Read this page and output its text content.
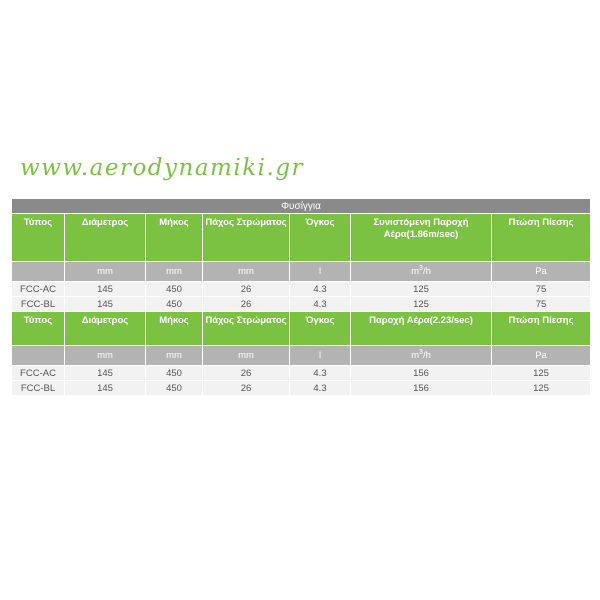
www.aerodynamiki.gr
Φυσίγγια						
Τύπος	Διάμετρος	Μήκος	Πάχος Στρώματος	Όγκος	Συνιστόμενη Παροχή Αέρα(1.86m/sec)	Πτώση Πίεσης
	mm	mm	mm	l	$m^3/h$	Pa
FCC-AC	145	450	26	4.3	125	75
FCC-BL	145	450	26	4.3	125	75
Τύπος	Διάμετρος	Μήκος	Πάχος Στρώματος	Όγκος	Παροχή Αέρα(2.23/sec)	Πτώση Πίεσης
	mm	mm	mm	l	$m^3/h$	Pa
FCC-AC	145	450	26	4.3	156	125
FCC-BL	145	450	26	4.3	156	125
